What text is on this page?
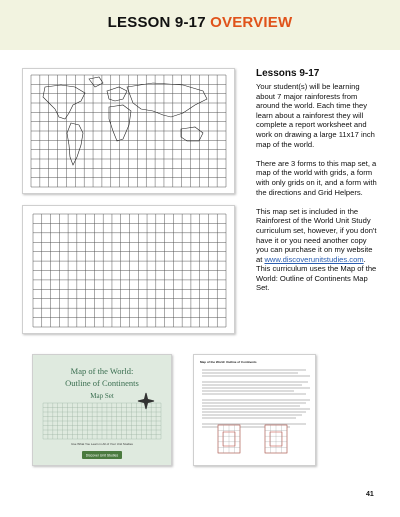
LESSON 9-17 OVERVIEW
Map of the World:
Outline of Continents
Map Set
Use What You Learn in All of Your Unit Studies
Discover Unit Studies
Map of the World: Outline of Continents
Lessons 9-17

Your student(s) will be learning about 7 major rainforests from around the world. Each time they learn about a rainforest they will complete a report worksheet and work on drawing a large 11x17 inch map of the world.

There are 3 forms to this map set, a map of the world with grids, a form with only grids on it, and a form with the directions and Grid Helpers.

This map set is included in the Rainforest of the World Unit Study curriculum set, however, if you don't have it or you need another copy you can purchase it on my website at www.discoverunitstudies.com. This curriculum uses the Map of the World: Outline of Continents Map Set.

41
